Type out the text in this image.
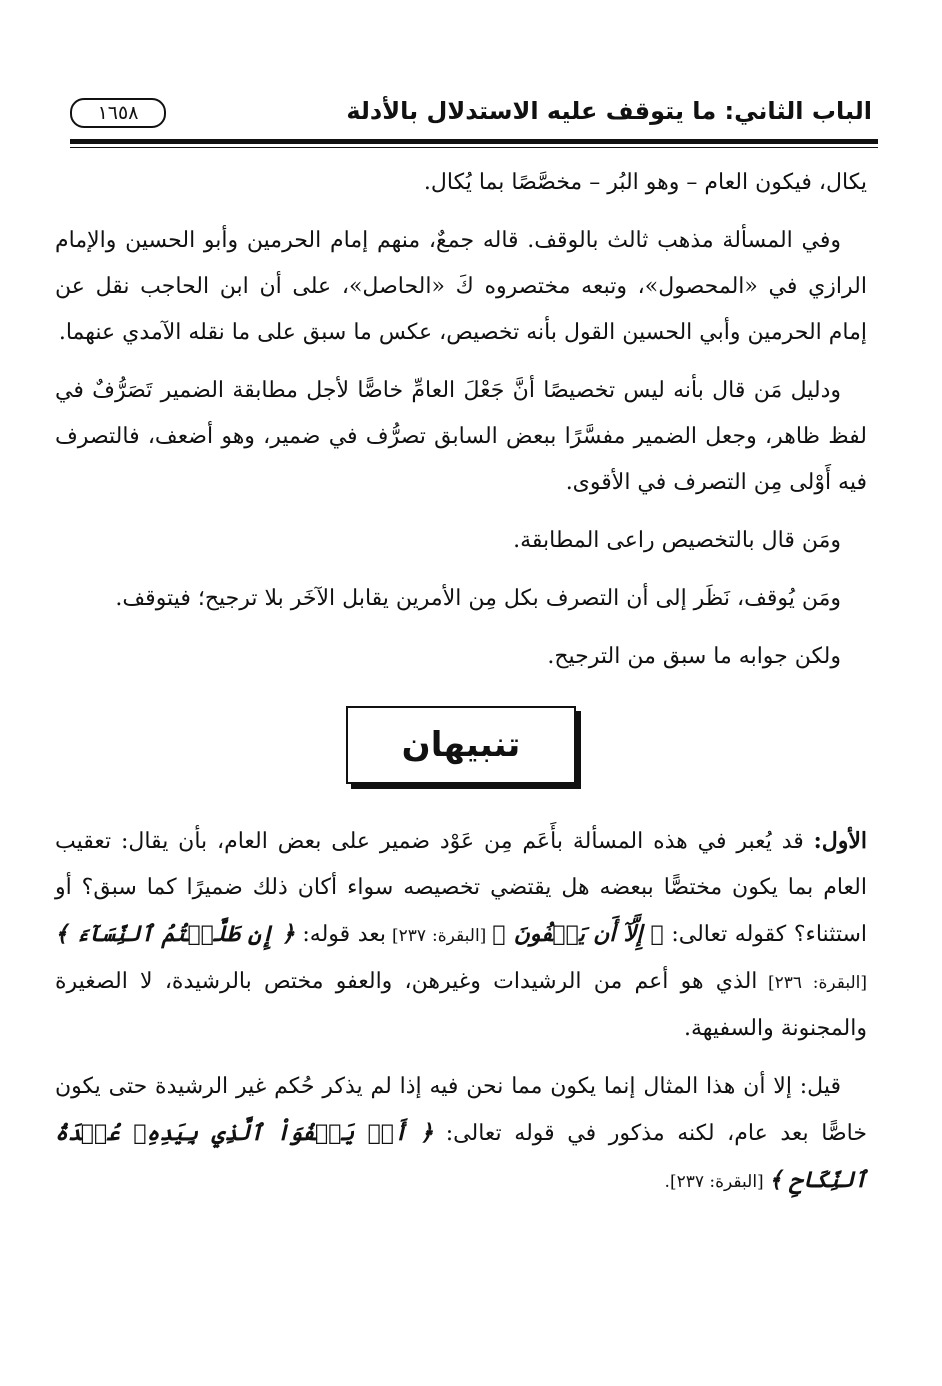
الباب الثاني: ما يتوقف عليه الاستدلال بالأدلة
١٦٥٨

يكال، فيكون العام – وهو البُر – مخصَّصًا بما يُكال.

وفي المسألة مذهب ثالث بالوقف. قاله جمعٌ، منهم إمام الحرمين وأبو الحسين والإمام الرازي في «المحصول»، وتبعه مختصروه كَ «الحاصل»، على أن ابن الحاجب نقل عن إمام الحرمين وأبي الحسين القول بأنه تخصيص، عكس ما سبق على ما نقله الآمدي عنهما.

ودليل مَن قال بأنه ليس تخصيصًا أنَّ جَعْلَ العامِّ خاصًّا لأجل مطابقة الضمير تَصَرُّفٌ في لفظ ظاهر، وجعل الضمير مفسَّرًا ببعض السابق تصرُّف في ضمير، وهو أضعف، فالتصرف فيه أَوْلى مِن التصرف في الأقوى.

ومَن قال بالتخصيص راعى المطابقة.

ومَن يُوقف، نَظَر إلى أن التصرف بكل مِن الأمرين يقابل الآخَر بلا ترجيح؛ فيتوقف.

ولكن جوابه ما سبق من الترجيح.

تنبيهان

الأول: قد يُعبر في هذه المسألة بأَعَم مِن عَوْد ضمير على بعض العام، بأن يقال: تعقيب العام بما يكون مختصًّا ببعضه هل يقتضي تخصيصه سواء أكان ذلك ضميرًا كما سبق؟ أو استثناء؟ كقوله تعالى: ﴿ إِلَّآ أَن يَعۡفُونَ ﴾ [البقرة: ٢٣٧] بعد قوله: ﴿ إِن طَلَّقۡتُمُ ٱلنِّسَآءَ ﴾ [البقرة: ٢٣٦] الذي هو أعم من الرشيدات وغيرهن، والعفو مختص بالرشيدة، لا الصغيرة والمجنونة والسفيهة.

قيل: إلا أن هذا المثال إنما يكون مما نحن فيه إذا لم يذكر حُكم غير الرشيدة حتى يكون خاصًّا بعد عام، لكنه مذكور في قوله تعالى: ﴿ أَوۡ يَعۡفُوَاْ ٱلَّذِي بِيَدِهِۦ عُقۡدَةُ ٱلنِّكَاحِ ﴾ [البقرة: ٢٣٧].
